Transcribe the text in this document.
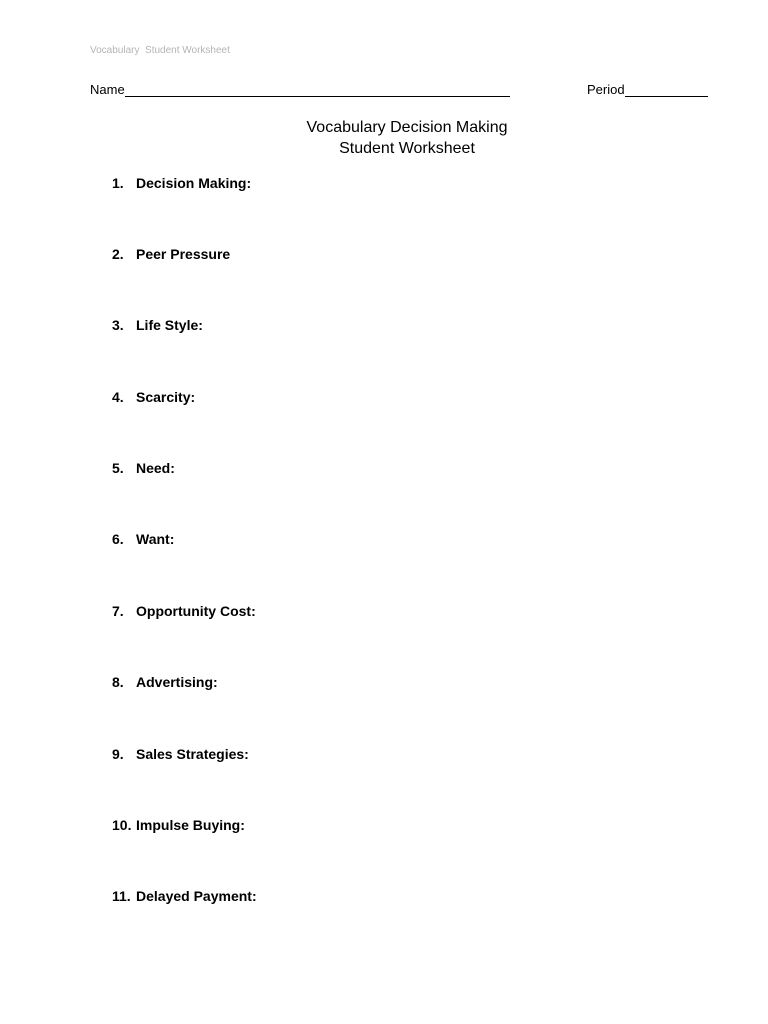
Vocabulary  Student Worksheet
Name	Period
Vocabulary Decision Making
Student Worksheet
1. Decision Making:
2. Peer Pressure
3. Life Style:
4. Scarcity:
5. Need:
6. Want:
7. Opportunity Cost:
8. Advertising:
9. Sales Strategies:
10. Impulse Buying:
11. Delayed Payment:
